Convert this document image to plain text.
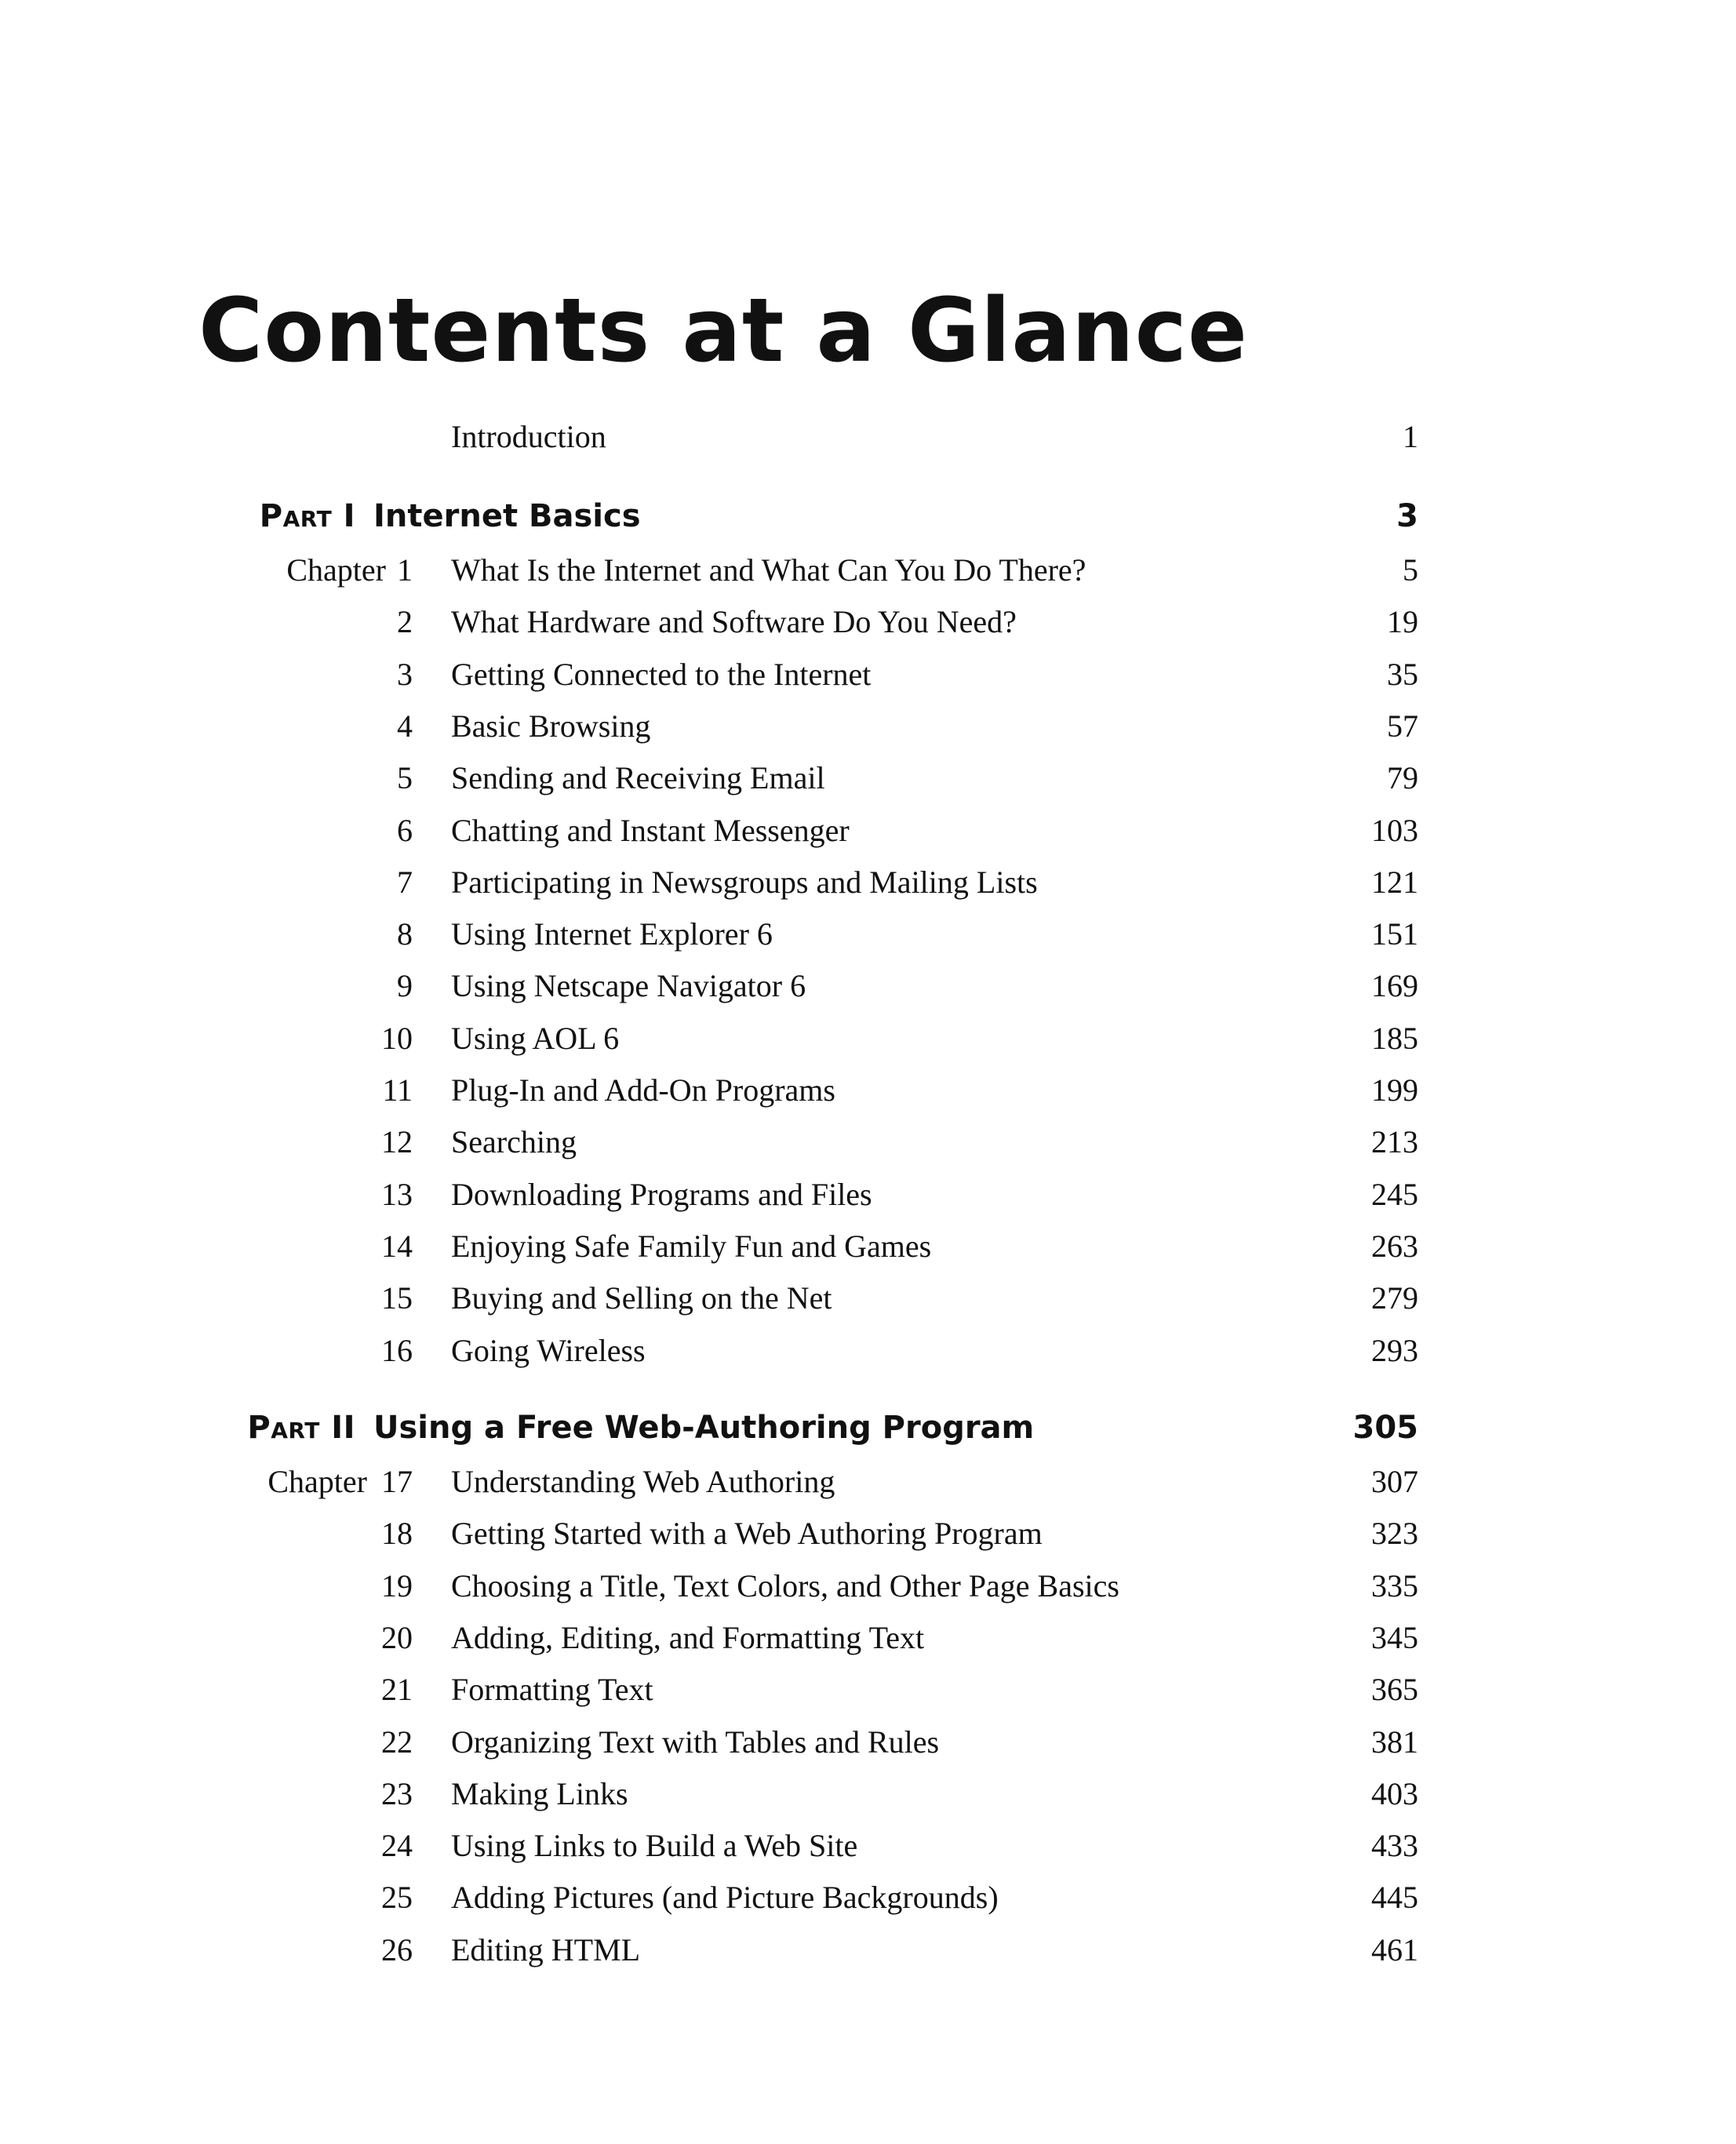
Contents at a Glance
Introduction	1
Part I Internet Basics	3
Chapter 1 What Is the Internet and What Can You Do There?	5
2 What Hardware and Software Do You Need?	19
3 Getting Connected to the Internet	35
4 Basic Browsing	57
5 Sending and Receiving Email	79
6 Chatting and Instant Messenger	103
7 Participating in Newsgroups and Mailing Lists	121
8 Using Internet Explorer 6	151
9 Using Netscape Navigator 6	169
10 Using AOL 6	185
11 Plug-In and Add-On Programs	199
12 Searching	213
13 Downloading Programs and Files	245
14 Enjoying Safe Family Fun and Games	263
15 Buying and Selling on the Net	279
16 Going Wireless	293
Part II Using a Free Web-Authoring Program	305
Chapter 17 Understanding Web Authoring	307
18 Getting Started with a Web Authoring Program	323
19 Choosing a Title, Text Colors, and Other Page Basics	335
20 Adding, Editing, and Formatting Text	345
21 Formatting Text	365
22 Organizing Text with Tables and Rules	381
23 Making Links	403
24 Using Links to Build a Web Site	433
25 Adding Pictures (and Picture Backgrounds)	445
26 Editing HTML	461
